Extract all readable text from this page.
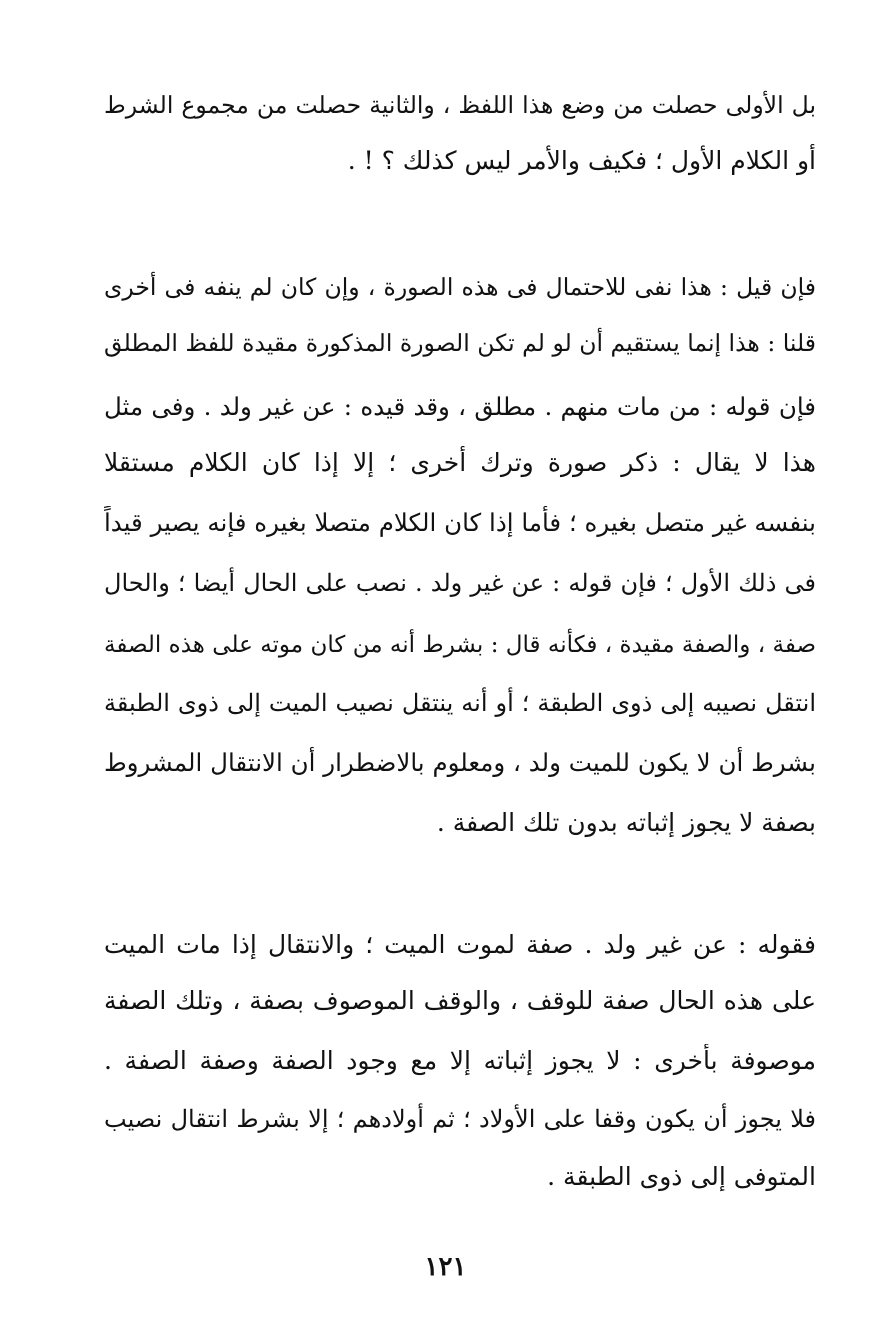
بل الأولى حصلت من وضع هذا اللفظ ، والثانية حصلت من مجموع الشرط
أو الكلام الأول ؛ فكيف والأمر ليس كذلك ؟ ! .
فإن قيل : هذا نفى للاحتمال فى هذه الصورة ، وإن كان لم ينفه فى أخرى
قلنا : هذا إنما يستقيم أن لو لم تكن الصورة المذكورة مقيدة للفظ المطلق
فإن قوله : من مات منهم . مطلق ، وقد قيده : عن غير ولد . وفى مثل
هذا لا يقال : ذكر صورة وترك أخرى ؛ إلا إذا كان الكلام مستقلا
بنفسه غير متصل بغيره ؛ فأما إذا كان الكلام متصلا بغيره فإنه يصير قيداً
فى ذلك الأول ؛ فإن قوله : عن غير ولد . نصب على الحال أيضا ؛ والحال
صفة ، والصفة مقيدة ، فكأنه قال : بشرط أنه من كان موته على هذه الصفة
انتقل نصيبه إلى ذوى الطبقة ؛ أو أنه ينتقل نصيب الميت إلى ذوى الطبقة
بشرط أن لا يكون للميت ولد ، ومعلوم بالاضطرار أن الانتقال المشروط
بصفة لا يجوز إثباته بدون تلك الصفة .
فقوله : عن غير ولد . صفة لموت الميت ؛ والانتقال إذا مات الميت
على هذه الحال صفة للوقف ، والوقف الموصوف بصفة ، وتلك الصفة
موصوفة بأخرى : لا يجوز إثباته إلا مع وجود الصفة وصفة الصفة .
فلا يجوز أن يكون وقفا على الأولاد ؛ ثم أولادهم ؛ إلا بشرط انتقال نصيب
المتوفى إلى ذوى الطبقة .
١٢١
